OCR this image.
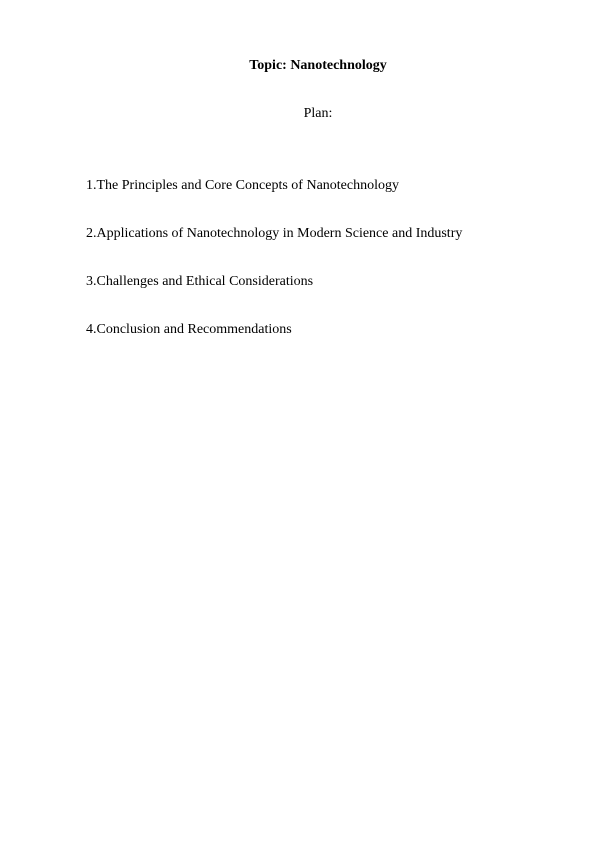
Topic: Nanotechnology
Plan:
1.The Principles and Core Concepts of Nanotechnology
2.Applications of Nanotechnology in Modern Science and Industry
3.Challenges and Ethical Considerations
4.Conclusion and Recommendations
